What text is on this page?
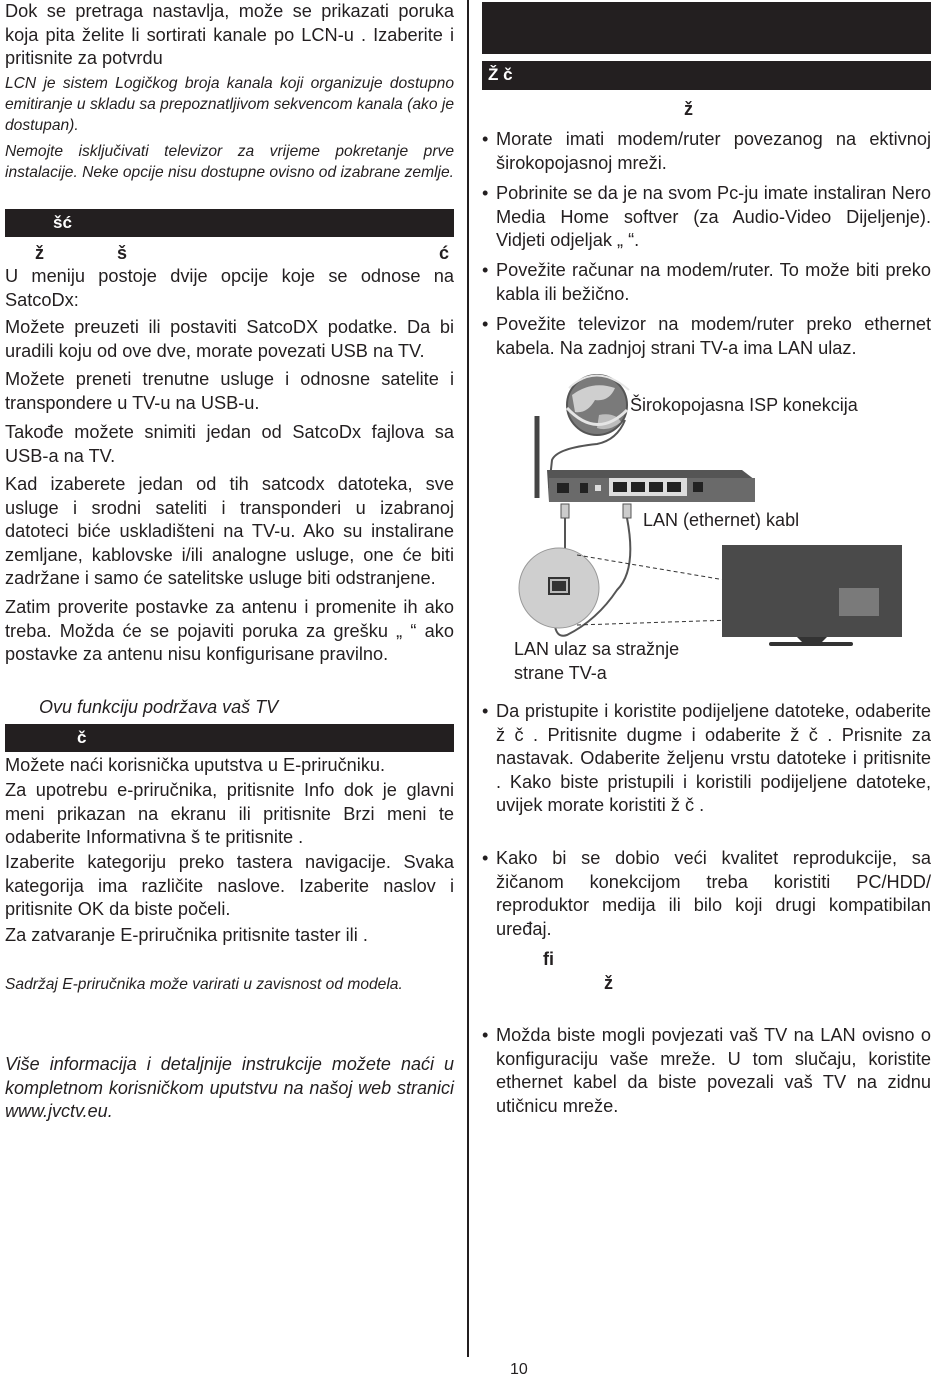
Dok se pretraga nastavlja, može se prikazati poruka koja pita želite li sortirati kanale po LCN-u . Izaberite i pritisnite za potvrdu

LCN je sistem Logičkog broja kanala koji organizuje dostupno emitiranje u skladu sa prepoznatljivom sekvencom kanala (ako je dostupan).

Nemojte isključivati televizor za vrijeme pokretanje prve instalacije. Neke opcije nisu dostupne ovisno od izabrane zemlje.

šć
ž	š	ć

U meniju postoje dvije opcije koje se odnose na SatcoDx:

Možete preuzeti ili postaviti SatcoDX podatke. Da bi uradili koju od ove dve, morate povezati USB na TV.

Možete preneti trenutne usluge i odnosne satelite i transpondere u TV-u na USB-u.

Takođe možete snimiti jedan od SatcoDx fajlova sa USB-a na TV.

Kad izaberete jedan od tih satcodx datoteka, sve usluge i srodni sateliti i transponderi u izabranoj datoteci biće uskladišteni na TV-u. Ako su instalirane zemljane, kablovske i/ili analogne usluge, one će biti zadržane i samo će satelitske usluge biti odstranjene.

Zatim proverite postavke za antenu i promenite ih ako treba. Možda će se pojaviti poruka za grešku „ “ ako postavke za antenu nisu konfigurisane pravilno.

Ovu funkciju podržava vaš TV

č

Možete naći korisnička uputstva u E-priručniku.

Za upotrebu e-priručnika, pritisnite Info dok je glavni meni prikazan na ekranu ili pritisnite Brzi meni te odaberite Informativna š te pritisnite .

Izaberite kategoriju preko tastera navigacije. Svaka kategorija ima različite naslove. Izaberite naslov i pritisnite OK da biste počeli.

Za zatvaranje E-priručnika pritisnite taster ili .

Sadržaj E-priručnika može varirati u zavisnost od modela.

Više informacija i detaljnije instrukcije možete naći u kompletnom korisničkom uputstvu na našoj web stranici www.jvctv.eu.

Ž č
ž
• Morate imati modem/ruter povezanog na ektivnoj širokopojasnoj mreži.
• Pobrinite se da je na svom Pc-ju imate instaliran Nero Media Home softver (za Audio-Video Dijeljenje). Vidjeti odjeljak „ “.
• Povežite računar na modem/ruter. To može biti preko kabla ili bežično.
• Povežite televizor na modem/ruter preko ethernet kabela. Na zadnjoj strani TV-a ima LAN ulaz.
Širokopojasna ISP konekcija
LAN (ethernet) kabl
LAN ulaz sa stražnje
strane TV-a
• Da pristupite i koristite podijeljene datoteke, odaberite ž č . Pritisnite dugme i odaberite ž č . Prisnite za nastavak. Odaberite željenu vrstu datoteke i pritisnite . Kako biste pristupili i koristili podijeljene datoteke, uvijek morate koristiti ž č .
• Kako bi se dobio veći kvalitet reprodukcije, sa žičanom konekcijom treba koristiti PC/HDD/ reproduktor medija ili bilo koji drugi kompatibilan uređaj.
fi
ž
• Možda biste mogli povjezati vaš TV na LAN ovisno o konfiguraciju vaše mreže. U tom slučaju, koristite ethernet kabel da biste povezali vaš TV na zidnu utičnicu mreže.
10
